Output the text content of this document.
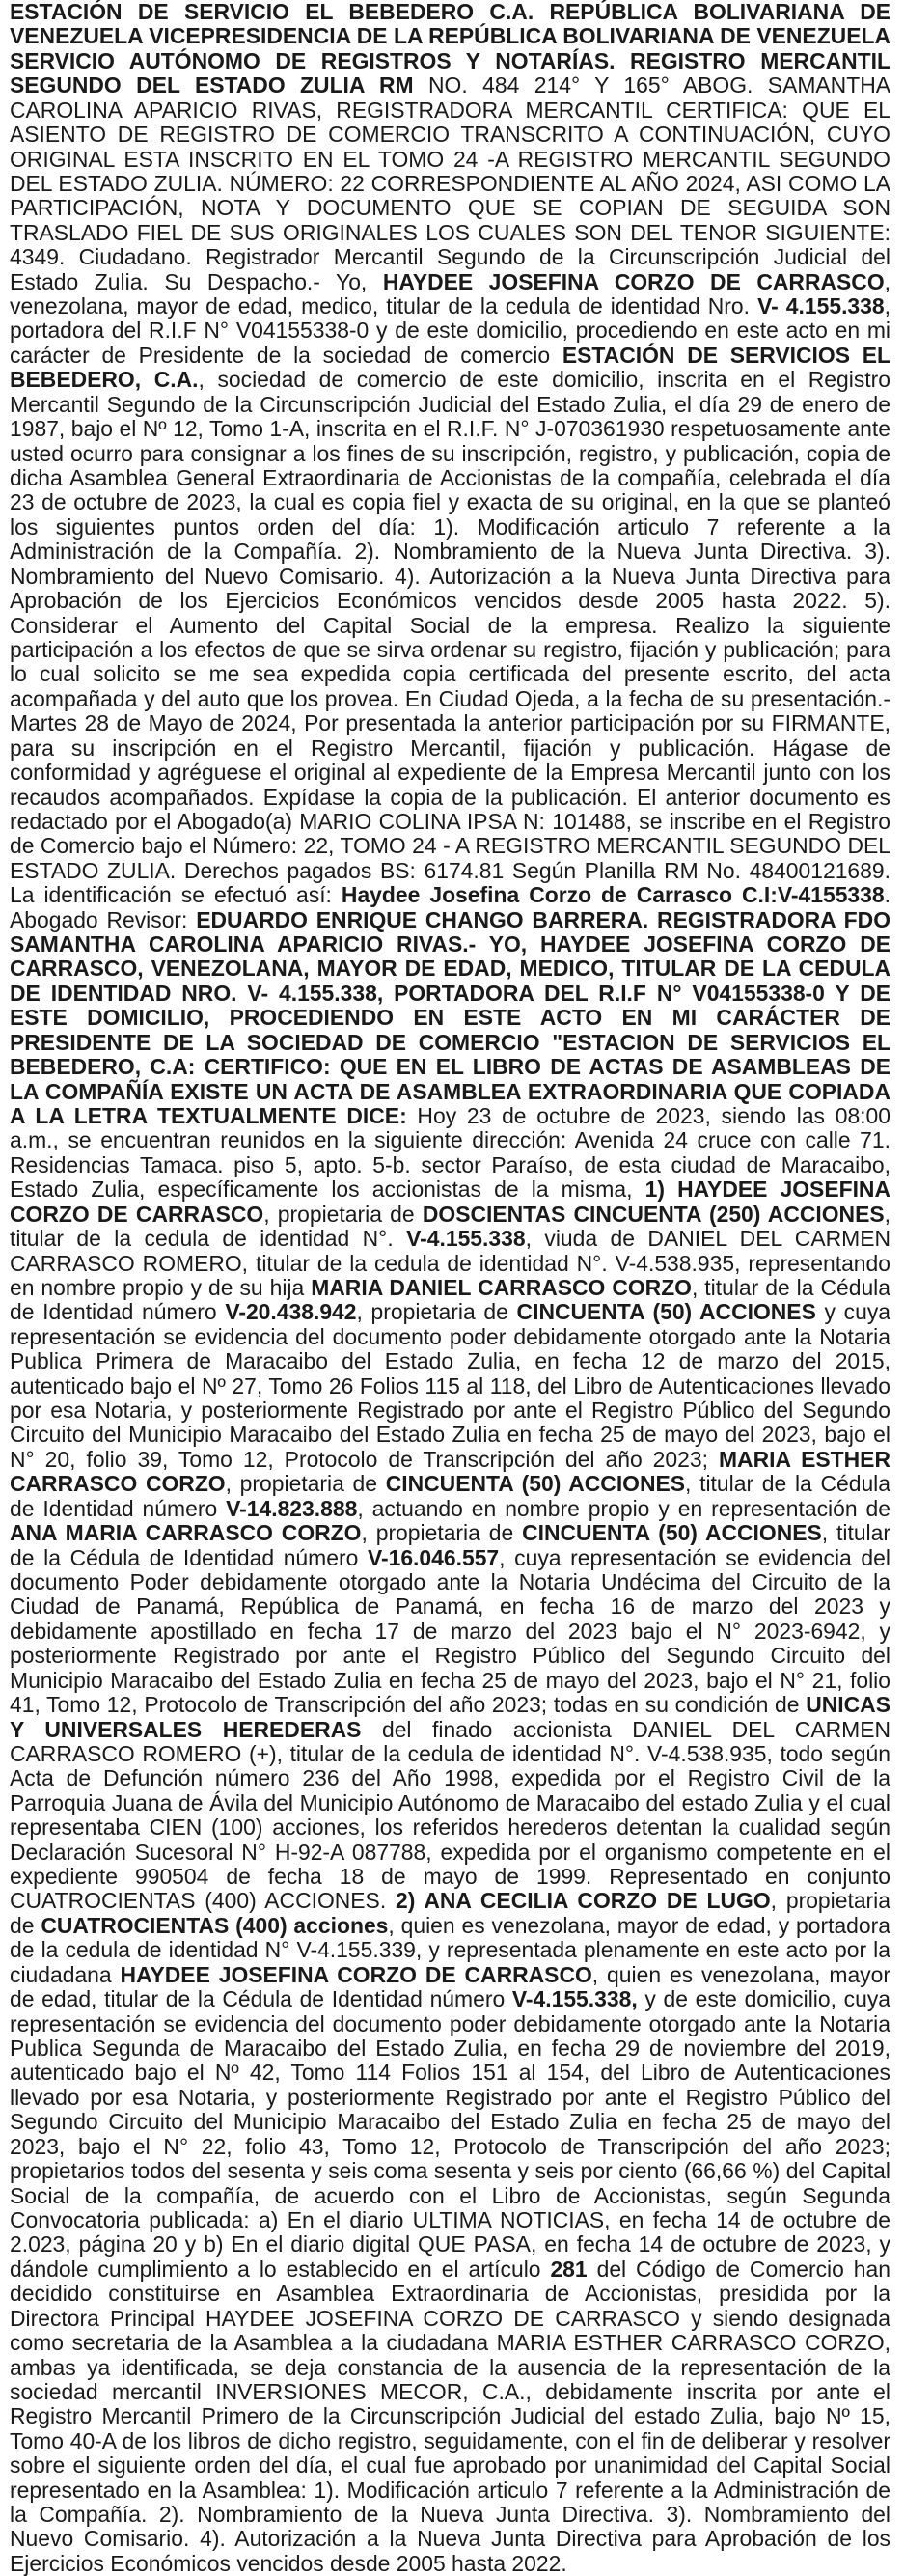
ESTACIÓN DE SERVICIO EL BEBEDERO C.A. REPÚBLICA BOLIVARIANA DE VENEZUELA VICEPRESIDENCIA DE LA REPÚBLICA BOLIVARIANA DE VENEZUELA SERVICIO AUTÓNOMO DE REGISTROS Y NOTARÍAS. REGISTRO MERCANTIL SEGUNDO DEL ESTADO ZULIA RM NO. 484 214° Y 165° ABOG. SAMANTHA CAROLINA APARICIO RIVAS, REGISTRADORA MERCANTIL CERTIFICA: QUE EL ASIENTO DE REGISTRO DE COMERCIO TRANSCRITO A CONTINUACIÓN, CUYO ORIGINAL ESTA INSCRITO EN EL TOMO 24 -A REGISTRO MERCANTIL SEGUNDO DEL ESTADO ZULIA. NÚMERO: 22 CORRESPONDIENTE AL AÑO 2024, ASI COMO LA PARTICIPACIÓN, NOTA Y DOCUMENTO QUE SE COPIAN DE SEGUIDA SON TRASLADO FIEL DE SUS ORIGINALES LOS CUALES SON DEL TENOR SIGUIENTE: 4349. Ciudadano. Registrador Mercantil Segundo de la Circunscripción Judicial del Estado Zulia. Su Despacho.- Yo, HAYDEE JOSEFINA CORZO DE CARRASCO, venezolana, mayor de edad, medico, titular de la cedula de identidad Nro. V- 4.155.338, portadora del R.I.F N° V04155338-0 y de este domicilio, procediendo en este acto en mi carácter de Presidente de la sociedad de comercio ESTACIÓN DE SERVICIOS EL BEBEDERO, C.A., sociedad de comercio de este domicilio, inscrita en el Registro Mercantil Segundo de la Circunscripción Judicial del Estado Zulia, el día 29 de enero de 1987, bajo el Nº 12, Tomo 1-A, inscrita en el R.I.F. N° J-070361930 respetuosamente ante usted ocurro para consignar a los fines de su inscripción, registro, y publicación, copia de dicha Asamblea General Extraordinaria de Accionistas de la compañía, celebrada el día 23 de octubre de 2023, la cual es copia fiel y exacta de su original, en la que se planteó los siguientes puntos orden del día: 1). Modificación articulo 7 referente a la Administración de la Compañía. 2). Nombramiento de la Nueva Junta Directiva. 3). Nombramiento del Nuevo Comisario. 4). Autorización a la Nueva Junta Directiva para Aprobación de los Ejercicios Económicos vencidos desde 2005 hasta 2022. 5). Considerar el Aumento del Capital Social de la empresa. Realizo la siguiente participación a los efectos de que se sirva ordenar su registro, fijación y publicación; para lo cual solicito se me sea expedida copia certificada del presente escrito, del acta acompañada y del auto que los provea. En Ciudad Ojeda, a la fecha de su presentación.- Martes 28 de Mayo de 2024, Por presentada la anterior participación por su FIRMANTE, para su inscripción en el Registro Mercantil, fijación y publicación. Hágase de conformidad y agréguese el original al expediente de la Empresa Mercantil junto con los recaudos acompañados. Expídase la copia de la publicación. El anterior documento es redactado por el Abogado(a) MARIO COLINA IPSA N: 101488, se inscribe en el Registro de Comercio bajo el Número: 22, TOMO 24 - A REGISTRO MERCANTIL SEGUNDO DEL ESTADO ZULIA. Derechos pagados BS: 6174.81 Según Planilla RM No. 48400121689. La identificación se efectuó así: Haydee Josefina Corzo de Carrasco C.I:V-4155338. Abogado Revisor: EDUARDO ENRIQUE CHANGO BARRERA. REGISTRADORA FDO SAMANTHA CAROLINA APARICIO RIVAS.- YO, HAYDEE JOSEFINA CORZO DE CARRASCO, VENEZOLANA, MAYOR DE EDAD, MEDICO, TITULAR DE LA CEDULA DE IDENTIDAD NRO. V- 4.155.338, PORTADORA DEL R.I.F N° V04155338-0 Y DE ESTE DOMICILIO, PROCEDIENDO EN ESTE ACTO EN MI CARÁCTER DE PRESIDENTE DE LA SOCIEDAD DE COMERCIO "ESTACION DE SERVICIOS EL BEBEDERO, C.A: CERTIFICO: QUE EN EL LIBRO DE ACTAS DE ASAMBLEAS DE LA COMPAÑÍA EXISTE UN ACTA DE ASAMBLEA EXTRAORDINARIA QUE COPIADA A LA LETRA TEXTUALMENTE DICE: Hoy 23 de octubre de 2023, siendo las 08:00 a.m., se encuentran reunidos en la siguiente dirección: Avenida 24 cruce con calle 71. Residencias Tamaca. piso 5, apto. 5-b. sector Paraíso, de esta ciudad de Maracaibo, Estado Zulia, específicamente los accionistas de la misma, 1) HAYDEE JOSEFINA CORZO DE CARRASCO, propietaria de DOSCIENTAS CINCUENTA (250) ACCIONES, titular de la cedula de identidad N°. V-4.155.338, viuda de DANIEL DEL CARMEN CARRASCO ROMERO, titular de la cedula de identidad N°. V-4.538.935, representando en nombre propio y de su hija MARIA DANIEL CARRASCO CORZO, titular de la Cédula de Identidad número V-20.438.942, propietaria de CINCUENTA (50) ACCIONES y cuya representación se evidencia del documento poder debidamente otorgado ante la Notaria Publica Primera de Maracaibo del Estado Zulia, en fecha 12 de marzo del 2015, autenticado bajo el Nº 27, Tomo 26 Folios 115 al 118, del Libro de Autenticaciones llevado por esa Notaria, y posteriormente Registrado por ante el Registro Público del Segundo Circuito del Municipio Maracaibo del Estado Zulia en fecha 25 de mayo del 2023, bajo el N° 20, folio 39, Tomo 12, Protocolo de Transcripción del año 2023; MARIA ESTHER CARRASCO CORZO, propietaria de CINCUENTA (50) ACCIONES, titular de la Cédula de Identidad número V-14.823.888, actuando en nombre propio y en representación de ANA MARIA CARRASCO CORZO, propietaria de CINCUENTA (50) ACCIONES, titular de la Cédula de Identidad número V-16.046.557, cuya representación se evidencia del documento Poder debidamente otorgado ante la Notaria Undécima del Circuito de la Ciudad de Panamá, República de Panamá, en fecha 16 de marzo del 2023 y debidamente apostillado en fecha 17 de marzo del 2023 bajo el N° 2023-6942, y posteriormente Registrado por ante el Registro Público del Segundo Circuito del Municipio Maracaibo del Estado Zulia en fecha 25 de mayo del 2023, bajo el N° 21, folio 41, Tomo 12, Protocolo de Transcripción del año 2023; todas en su condición de UNICAS Y UNIVERSALES HEREDERAS del finado accionista DANIEL DEL CARMEN CARRASCO ROMERO (+), titular de la cedula de identidad N°. V-4.538.935, todo según Acta de Defunción número 236 del Año 1998, expedida por el Registro Civil de la Parroquia Juana de Ávila del Municipio Autónomo de Maracaibo del estado Zulia y el cual representaba CIEN (100) acciones, los referidos herederos detentan la cualidad según Declaración Sucesoral N° H-92-A 087788, expedida por el organismo competente en el expediente 990504 de fecha 18 de mayo de 1999. Representado en conjunto CUATROCIENTAS (400) ACCIONES. 2) ANA CECILIA CORZO DE LUGO, propietaria de CUATROCIENTAS (400) acciones, quien es venezolana, mayor de edad, y portadora de la cedula de identidad N° V-4.155.339, y representada plenamente en este acto por la ciudadana HAYDEE JOSEFINA CORZO DE CARRASCO, quien es venezolana, mayor de edad, titular de la Cédula de Identidad número V-4.155.338, y de este domicilio, cuya representación se evidencia del documento poder debidamente otorgado ante la Notaria Publica Segunda de Maracaibo del Estado Zulia, en fecha 29 de noviembre del 2019, autenticado bajo el Nº 42, Tomo 114 Folios 151 al 154, del Libro de Autenticaciones llevado por esa Notaria, y posteriormente Registrado por ante el Registro Público del Segundo Circuito del Municipio Maracaibo del Estado Zulia en fecha 25 de mayo del 2023, bajo el N° 22, folio 43, Tomo 12, Protocolo de Transcripción del año 2023; propietarios todos del sesenta y seis coma sesenta y seis por ciento (66,66 %) del Capital Social de la compañía, de acuerdo con el Libro de Accionistas, según Segunda Convocatoria publicada: a) En el diario ULTIMA NOTICIAS, en fecha 14 de octubre de 2.023, página 20 y b) En el diario digital QUE PASA, en fecha 14 de octubre de 2023, y dándole cumplimiento a lo establecido en el artículo 281 del Código de Comercio han decidido constituirse en Asamblea Extraordinaria de Accionistas, presidida por la Directora Principal HAYDEE JOSEFINA CORZO DE CARRASCO y siendo designada como secretaria de la Asamblea a la ciudadana MARIA ESTHER CARRASCO CORZO, ambas ya identificada, se deja constancia de la ausencia de la representación de la sociedad mercantil INVERSIONES MECOR, C.A., debidamente inscrita por ante el Registro Mercantil Primero de la Circunscripción Judicial del estado Zulia, bajo Nº 15, Tomo 40-A de los libros de dicho registro, seguidamente, con el fin de deliberar y resolver sobre el siguiente orden del día, el cual fue aprobado por unanimidad del Capital Social representado en la Asamblea: 1). Modificación articulo 7 referente a la Administración de la Compañía. 2). Nombramiento de la Nueva Junta Directiva. 3). Nombramiento del Nuevo Comisario. 4). Autorización a la Nueva Junta Directiva para Aprobación de los Ejercicios Económicos vencidos desde 2005 hasta 2022.
